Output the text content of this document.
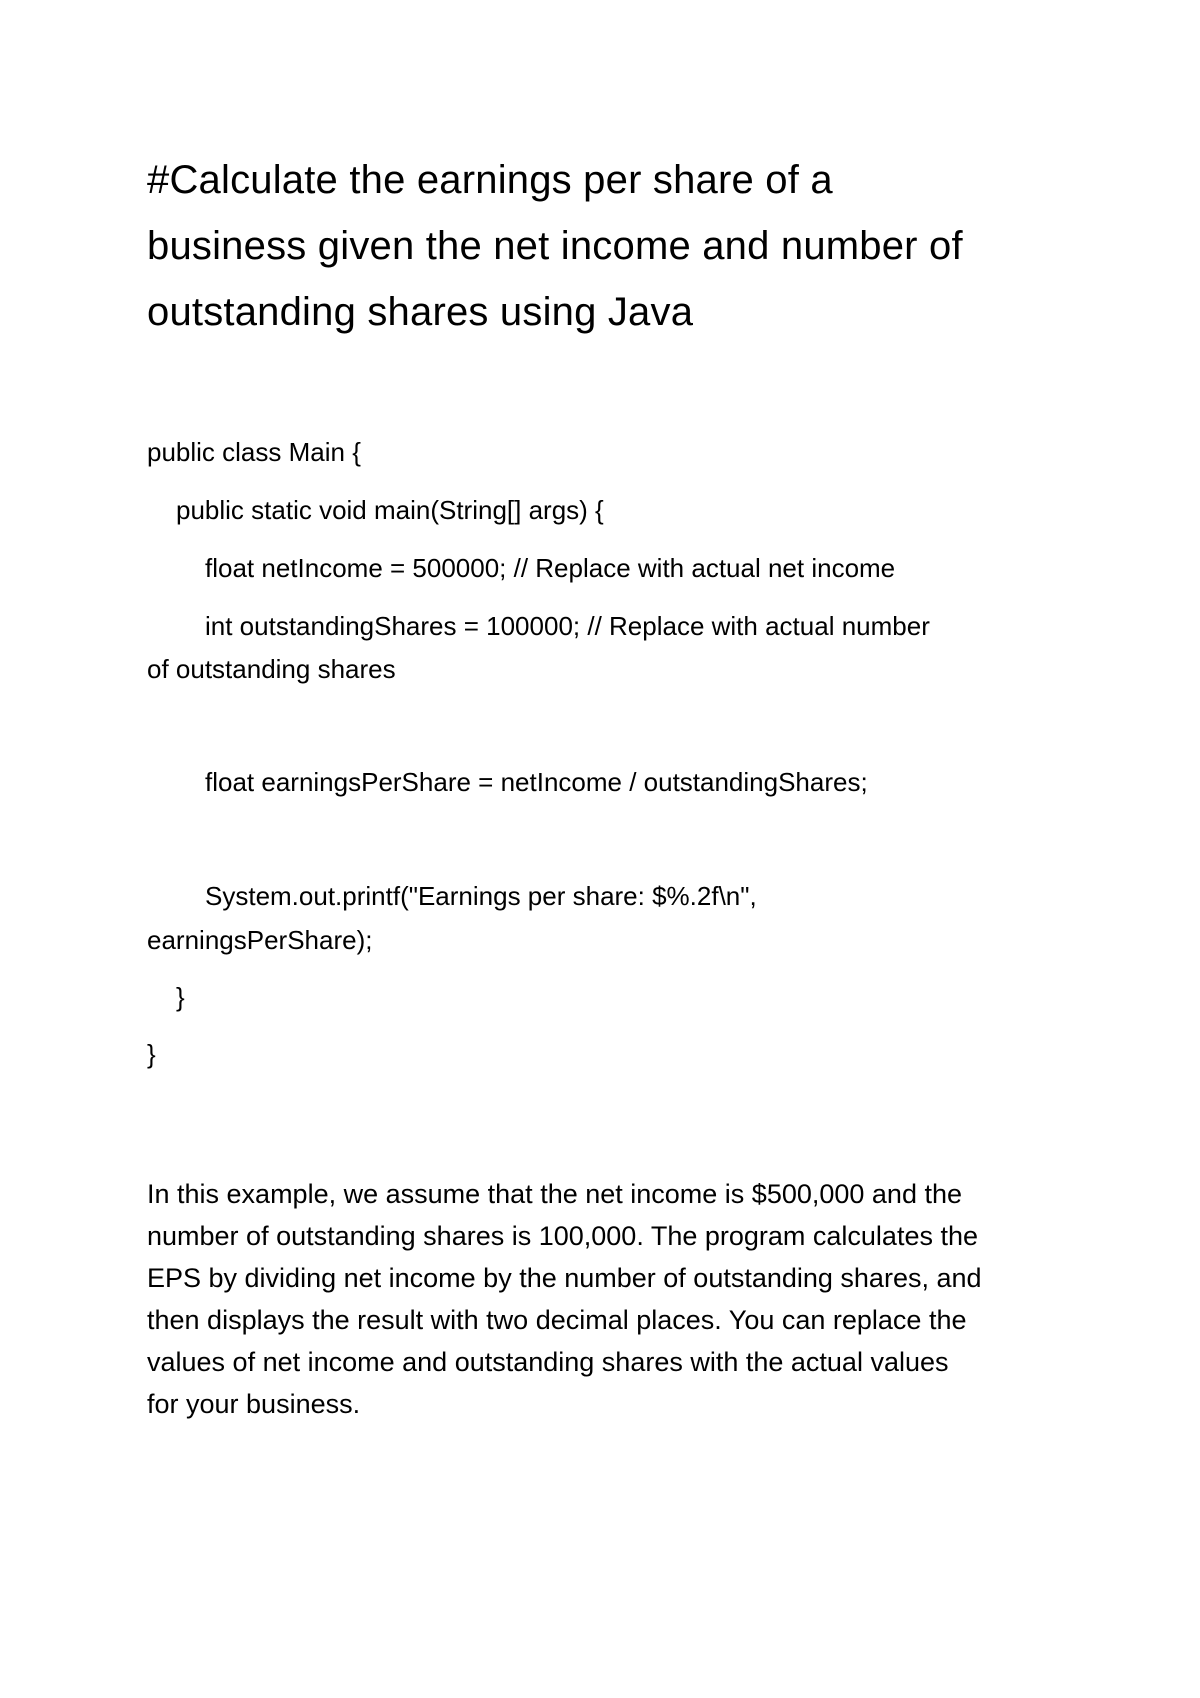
#Calculate the earnings per share of a
business given the net income and number of
outstanding shares using Java
public class Main {
public static void main(String[] args) {
float netIncome = 500000; // Replace with actual net income
int outstandingShares = 100000; // Replace with actual number
of outstanding shares
float earningsPerShare = netIncome / outstandingShares;
System.out.printf("Earnings per share: $%.2f\n",
earningsPerShare);
}
}
In this example, we assume that the net income is $500,000 and the
number of outstanding shares is 100,000. The program calculates the
EPS by dividing net income by the number of outstanding shares, and
then displays the result with two decimal places. You can replace the
values of net income and outstanding shares with the actual values
for your business.
